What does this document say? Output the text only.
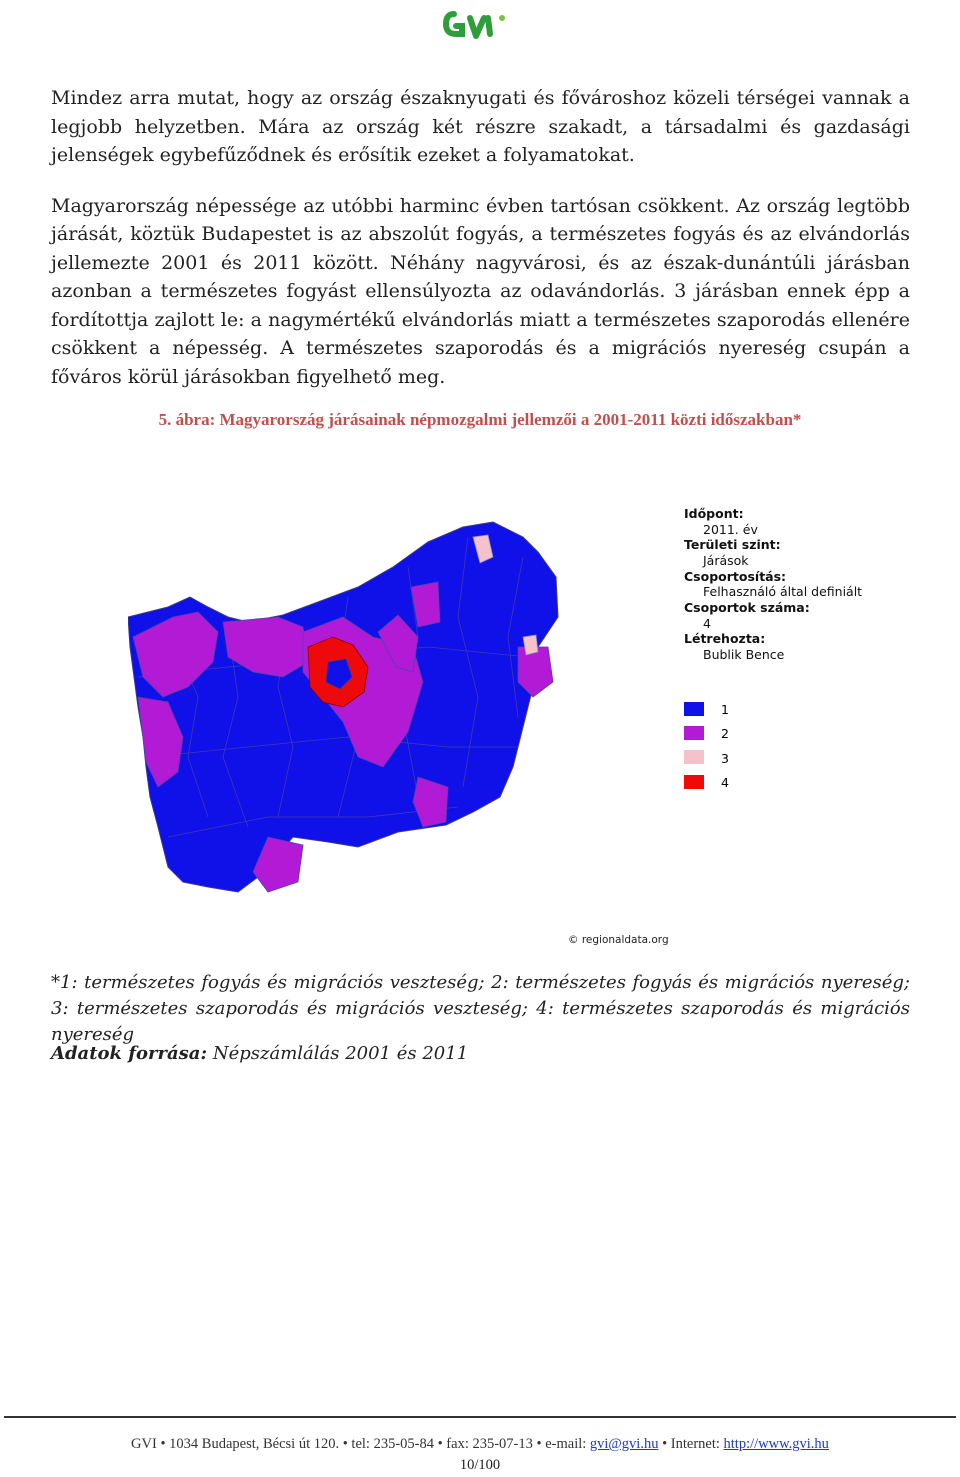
Mindez arra mutat, hogy az ország északnyugati és fővároshoz közeli térségei vannak a legjobb helyzetben. Mára az ország két részre szakadt, a társadalmi és gazdasági jelenségek egybefűződnek és erősítik ezeket a folyamatokat.

Magyarország népessége az utóbbi harminc évben tartósan csökkent. Az ország legtöbb járását, köztük Budapestet is az abszolút fogyás, a természetes fogyás és az elvándorlás jellemezte 2001 és 2011 között. Néhány nagyvárosi, és az észak-dunántúli járásban azonban a természetes fogyást ellensúlyozta az odavándorlás. 3 járásban ennek épp a fordítottja zajlott le: a nagymértékű elvándorlás miatt a természetes szaporodás ellenére csökkent a népesség. A természetes szaporodás és a migrációs nyereség csupán a főváros körül járásokban figyelhető meg.

5. ábra: Magyarország járásainak népmozgalmi jellemzői a 2001-2011 közti időszakban*

Időpont:
2011. év
Területi szint:
Járások
Csoportosítás:
Felhasználó által definiált
Csoportok száma:
4
Létrehozta:
Bublik Bence
1
2
3
4
© regionaldata.org

*1: természetes fogyás és migrációs veszteség; 2: természetes fogyás és migrációs nyereség; 3: természetes szaporodás és migrációs veszteség; 4: természetes szaporodás és migrációs nyereség

Adatok forrása: Népszámlálás 2001 és 2011

GVI • 1034 Budapest, Bécsi út 120. • tel: 235-05-84 • fax: 235-07-13 • e-mail: gvi@gvi.hu • Internet: http://www.gvi.hu
10/100
